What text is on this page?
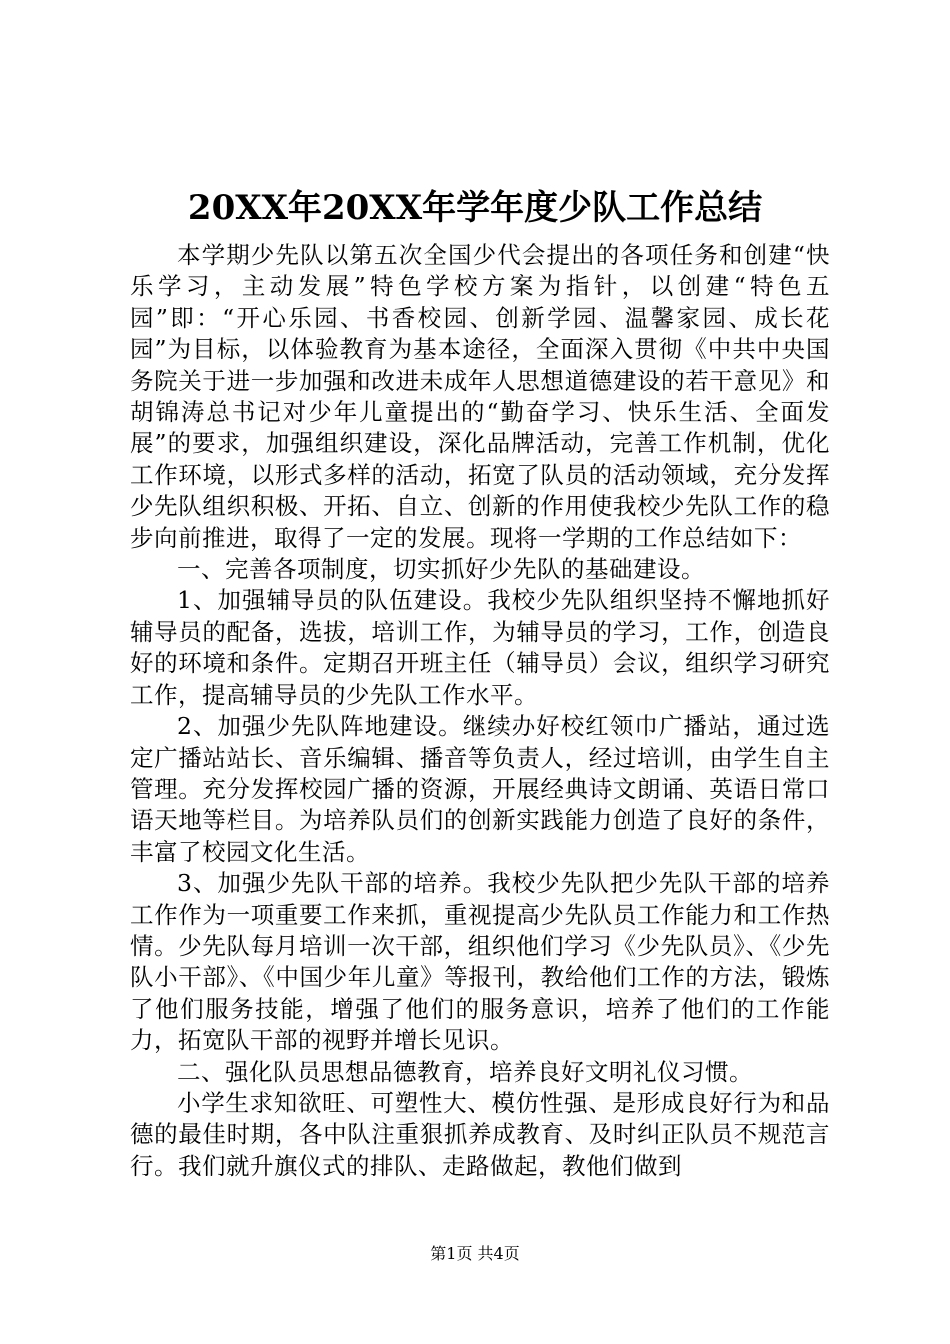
20XX年20XX年学年度少队工作总结

本学期少先队以第五次全国少代会提出的各项任务和创建“快乐学习，主动发展”特色学校方案为指针，以创建“特色五园”即：“开心乐园、书香校园、创新学园、温馨家园、成长花园”为目标，以体验教育为基本途径，全面深入贯彻《中共中央国务院关于进一步加强和改进未成年人思想道德建设的若干意见》和胡锦涛总书记对少年儿童提出的“勤奋学习、快乐生活、全面发展”的要求，加强组织建设，深化品牌活动，完善工作机制，优化工作环境，以形式多样的活动，拓宽了队员的活动领域，充分发挥少先队组织积极、开拓、自立、创新的作用使我校少先队工作的稳步向前推进，取得了一定的发展。现将一学期的工作总结如下：

一、完善各项制度，切实抓好少先队的基础建设。

1、加强辅导员的队伍建设。我校少先队组织坚持不懈地抓好辅导员的配备，选拔，培训工作，为辅导员的学习，工作，创造良好的环境和条件。定期召开班主任（辅导员）会议，组织学习研究工作，提高辅导员的少先队工作水平。

2、加强少先队阵地建设。继续办好校红领巾广播站，通过选定广播站站长、音乐编辑、播音等负责人，经过培训，由学生自主管理。充分发挥校园广播的资源，开展经典诗文朗诵、英语日常口语天地等栏目。为培养队员们的创新实践能力创造了良好的条件，丰富了校园文化生活。

3、加强少先队干部的培养。我校少先队把少先队干部的培养工作作为一项重要工作来抓，重视提高少先队员工作能力和工作热情。少先队每月培训一次干部，组织他们学习《少先队员》、《少先队小干部》、《中国少年儿童》等报刊，教给他们工作的方法，锻炼了他们服务技能，增强了他们的服务意识，培养了他们的工作能力，拓宽队干部的视野并增长见识。

二、强化队员思想品德教育，培养良好文明礼仪习惯。

小学生求知欲旺、可塑性大、模仿性强、是形成良好行为和品德的最佳时期，各中队注重狠抓养成教育、及时纠正队员不规范言行。我们就升旗仪式的排队、走路做起，教他们做到

第1页 共4页
